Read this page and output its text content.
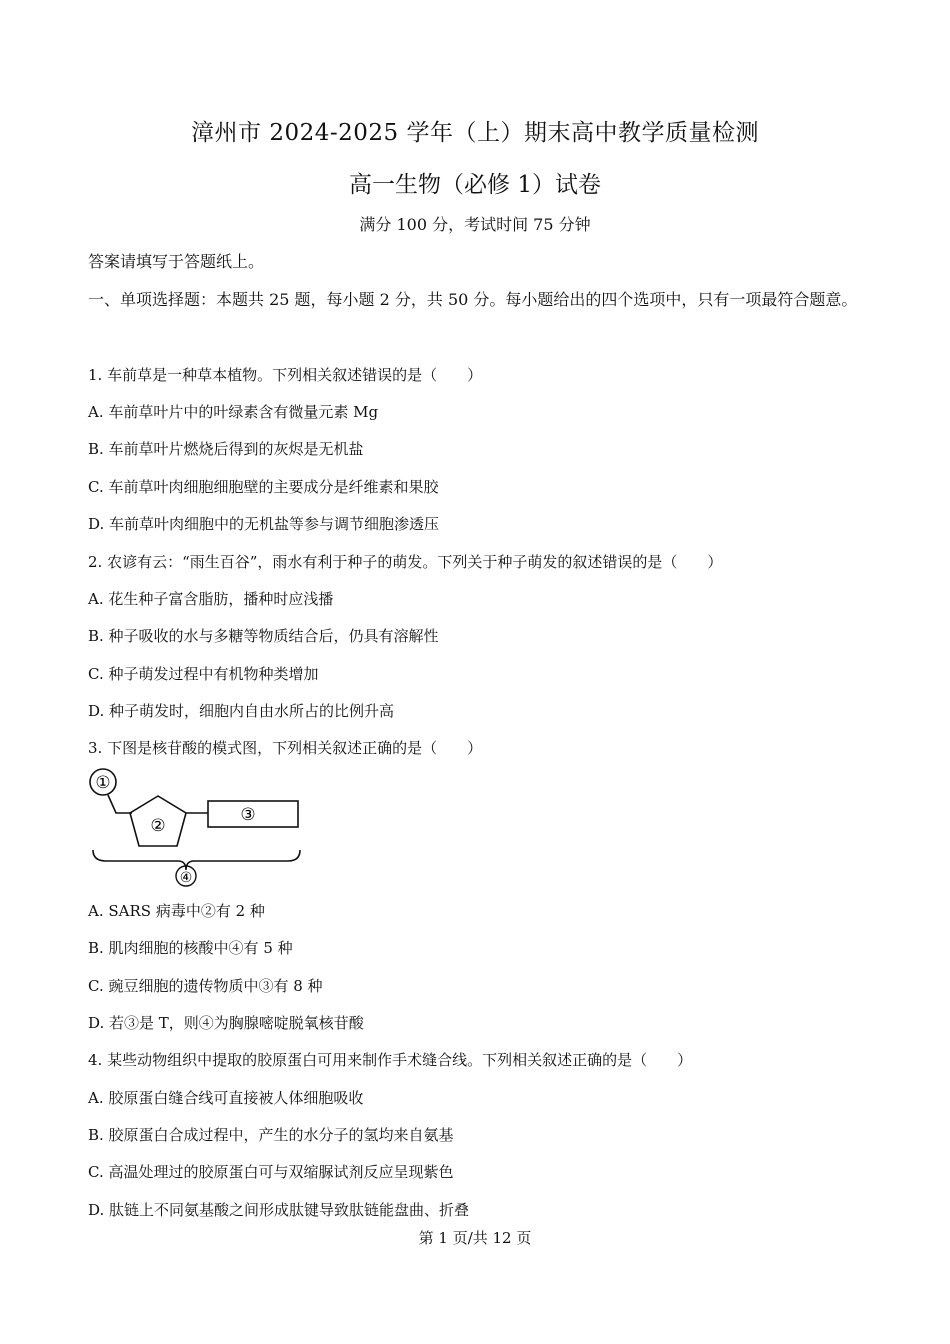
漳州市 2024-2025 学年（上）期末高中教学质量检测
高一生物（必修 1）试卷
满分 100 分，考试时间 75 分钟
答案请填写于答题纸上。
一、单项选择题：本题共 25 题，每小题 2 分，共 50 分。每小题给出的四个选项中，只有一项最符合题意。
1. 车前草是一种草本植物。下列相关叙述错误的是（　　）
A. 车前草叶片中的叶绿素含有微量元素 Mg
B. 车前草叶片燃烧后得到的灰烬是无机盐
C. 车前草叶肉细胞细胞壁的主要成分是纤维素和果胶
D. 车前草叶肉细胞中的无机盐等参与调节细胞渗透压
2. 农谚有云：“雨生百谷”，雨水有利于种子的萌发。下列关于种子萌发的叙述错误的是（　　）
A. 花生种子富含脂肪，播种时应浅播
B. 种子吸收的水与多糖等物质结合后，仍具有溶解性
C. 种子萌发过程中有机物种类增加
D. 种子萌发时，细胞内自由水所占的比例升高
3. 下图是核苷酸的模式图，下列相关叙述正确的是（　　）
①
②
③
④
A. SARS 病毒中②有 2 种
B. 肌肉细胞的核酸中④有 5 种
C. 豌豆细胞的遗传物质中③有 8 种
D. 若③是 T，则④为胸腺嘧啶脱氧核苷酸
4. 某些动物组织中提取的胶原蛋白可用来制作手术缝合线。下列相关叙述正确的是（　　）
A. 胶原蛋白缝合线可直接被人体细胞吸收
B. 胶原蛋白合成过程中，产生的水分子的氢均来自氨基
C. 高温处理过的胶原蛋白可与双缩脲试剂反应呈现紫色
D. 肽链上不同氨基酸之间形成肽键导致肽链能盘曲、折叠
第 1 页/共 12 页
